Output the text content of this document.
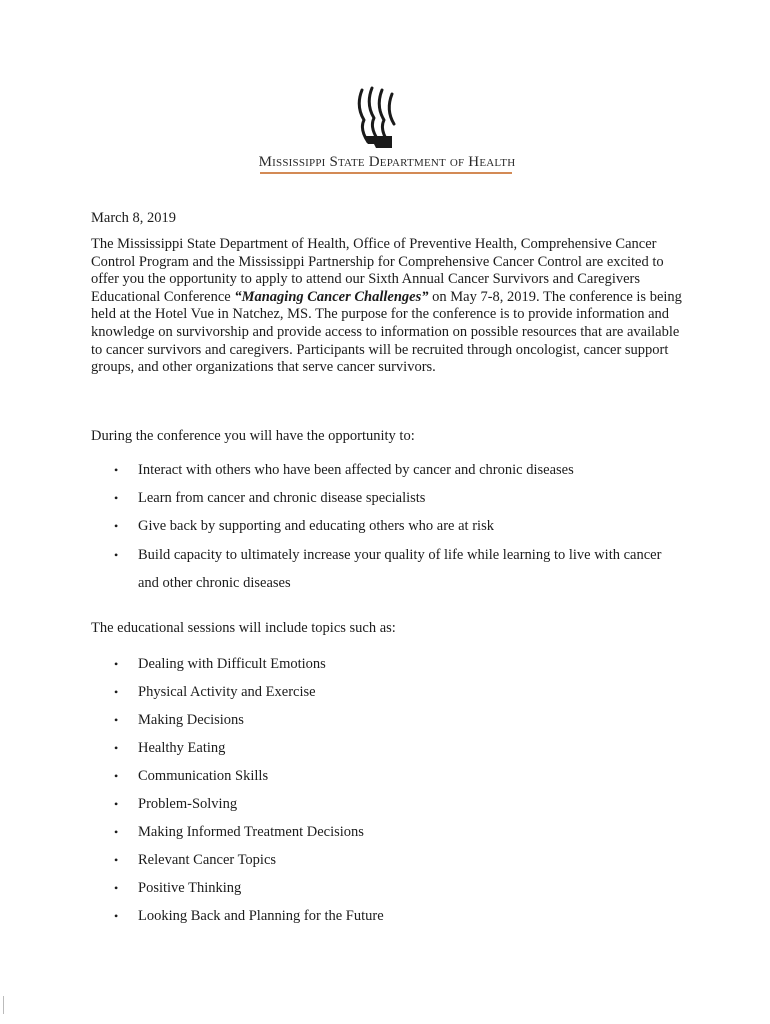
Mississippi State Department of Health
March 8, 2019

The Mississippi State Department of Health, Office of Preventive Health, Comprehensive Cancer Control Program and the Mississippi Partnership for Comprehensive Cancer Control are excited to offer you the opportunity to apply to attend our Sixth Annual Cancer Survivors and Caregivers Educational Conference “Managing Cancer Challenges” on May 7-8, 2019. The conference is being held at the Hotel Vue in Natchez, MS. The purpose for the conference is to provide information and knowledge on survivorship and provide access to information on possible resources that are available to cancer survivors and caregivers. Participants will be recruited through oncologist, cancer support groups, and other organizations that serve cancer survivors.

During the conference you will have the opportunity to:

• Interact with others who have been affected by cancer and chronic diseases
• Learn from cancer and chronic disease specialists
• Give back by supporting and educating others who are at risk
• Build capacity to ultimately increase your quality of life while learning to live with cancer and other chronic diseases

The educational sessions will include topics such as:

• Dealing with Difficult Emotions
• Physical Activity and Exercise
• Making Decisions
• Healthy Eating
• Communication Skills
• Problem-Solving
• Making Informed Treatment Decisions
• Relevant Cancer Topics
• Positive Thinking
• Looking Back and Planning for the Future
